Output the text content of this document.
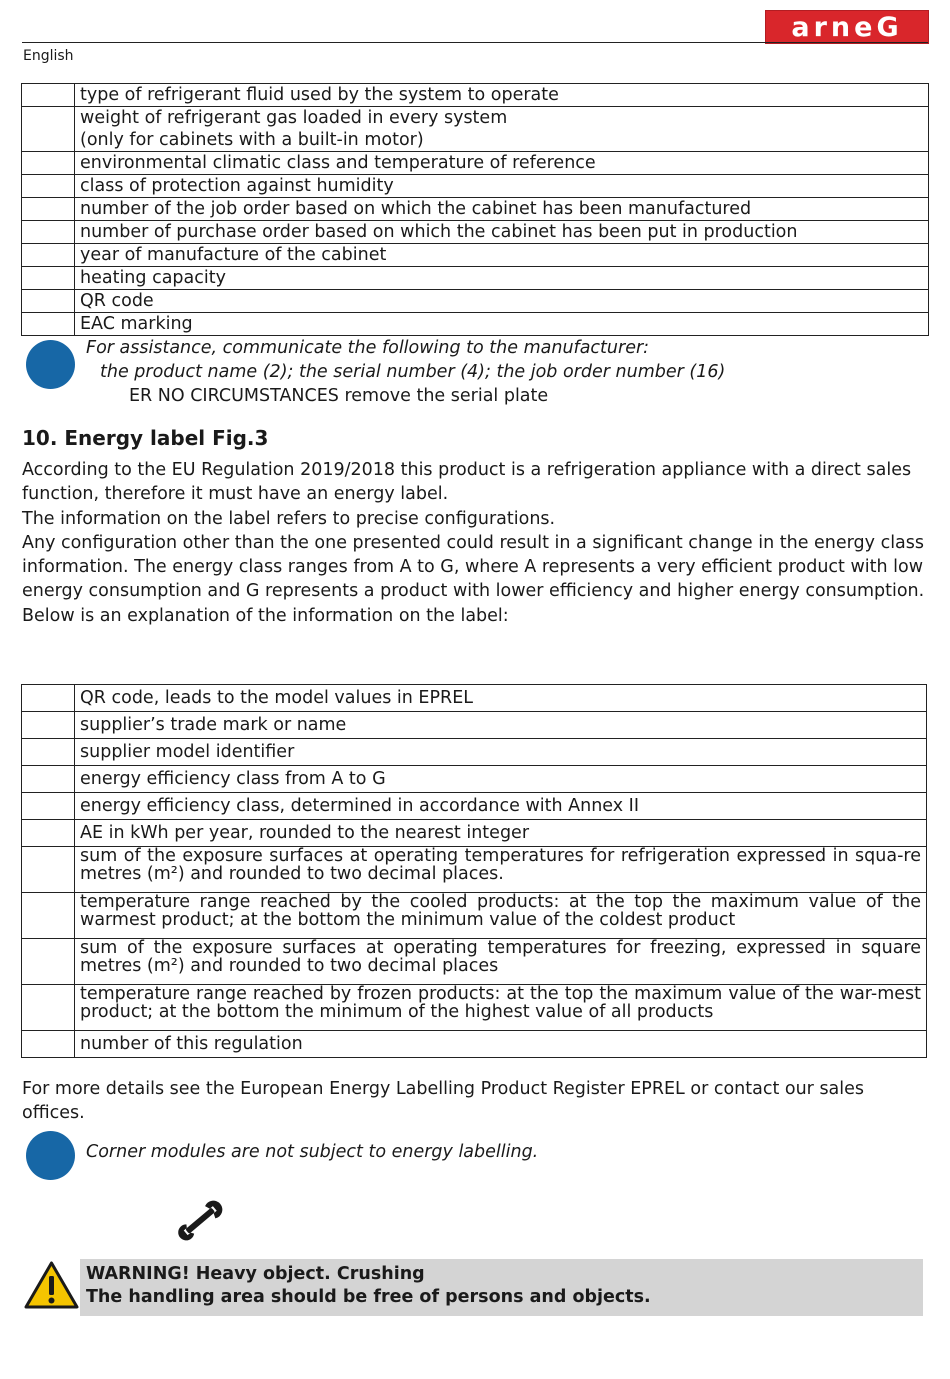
arneG
English

	type of refrigerant fluid used by the system to operate

	weight of refrigerant gas loaded in every system
(only for cabinets with a built-in motor)

	environmental climatic class and temperature of reference

	class of protection against humidity

	number of the job order based on which the cabinet has been manufactured

	number of purchase order based on which the cabinet has been put in production

	year of manufacture of the cabinet

	heating capacity

	QR code

	EAC marking
For assistance, communicate the following to the manufacturer:
the product name (2); the serial number (4); the job order number (16)
ER NO CIRCUMSTANCES remove the serial plate
10. Energy label Fig.3
According to the EU Regulation 2019/2018 this product is a refrigeration appliance with a direct sales function, therefore it must have an energy label.
The information on the label refers to precise configurations.
Any configuration other than the one presented could result in a significant change in the energy class information. The energy class ranges from A to G, where A represents a very efficient product with low energy consumption and G represents a product with lower efficiency and higher energy consumption.
Below is an explanation of the information on the label:
	QR code, leads to the model values in EPREL
	supplier’s trade mark or name
	supplier model identifier
	energy efficiency class from A to G
	energy efficiency class, determined in accordance with Annex II
	AE in kWh per year, rounded to the nearest integer
	sum of the exposure surfaces at operating temperatures for refrigeration expressed in squa-re metres (m²) and rounded to two decimal places.
	temperature range reached by the cooled products: at the top the maximum value of the warmest product; at the bottom the minimum value of the coldest product
	sum of the exposure surfaces at operating temperatures for freezing, expressed in square metres (m²) and rounded to two decimal places
	temperature range reached by frozen products: at the top the maximum value of the war-mest product; at the bottom the minimum of the highest value of all products
	number of this regulation
For more details see the European Energy Labelling Product Register EPREL or contact our sales offices.
Corner modules are not subject to energy labelling.
WARNING! Heavy object. Crushing
The handling area should be free of persons and objects.
